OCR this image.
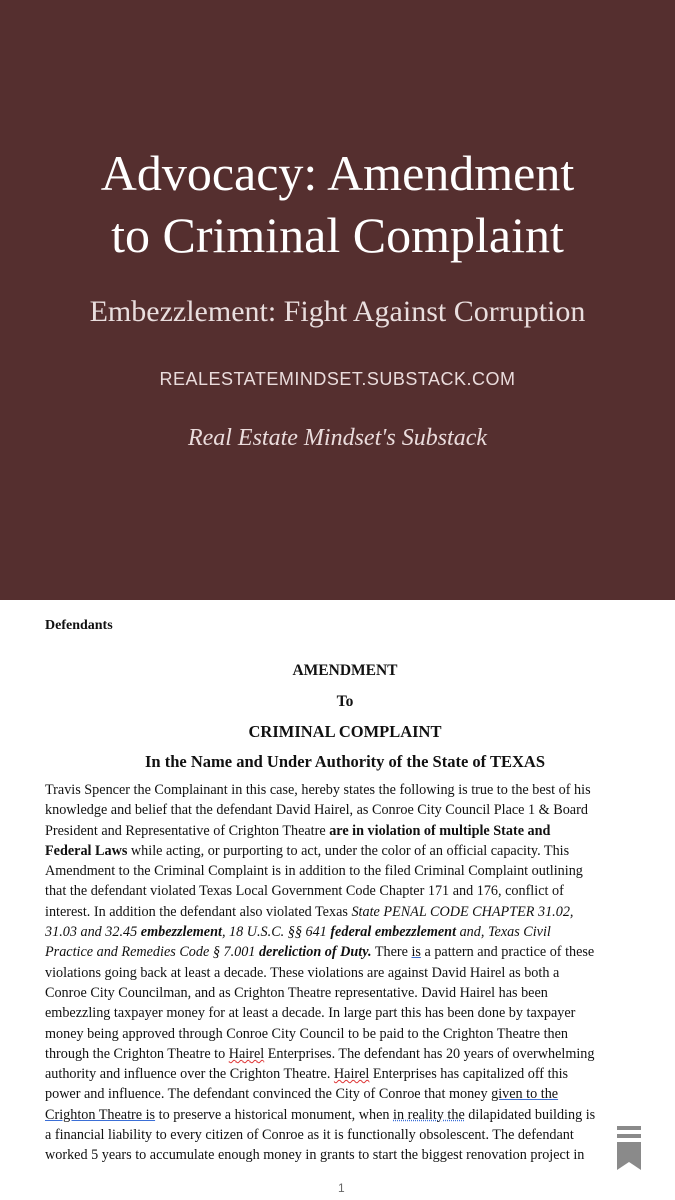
Advocacy: Amendment
to Criminal Complaint
Embezzlement: Fight Against Corruption
REALESTATEMINDSET.SUBSTACK.COM
Real Estate Mindset's Substack
Defendants
AMENDMENT
To
CRIMINAL COMPLAINT
In the Name and Under Authority of the State of TEXAS
Travis Spencer the Complainant in this case, hereby states the following is true to the best of his
knowledge and belief that the defendant David Hairel, as Conroe City Council Place 1 & Board
President and Representative of Crighton Theatre are in violation of multiple State and
Federal Laws while acting, or purporting to act, under the color of an official capacity. This
Amendment to the Criminal Complaint is in addition to the filed Criminal Complaint outlining
that the defendant violated Texas Local Government Code Chapter 171 and 176, conflict of
interest. In addition the defendant also violated Texas State PENAL CODE CHAPTER 31.02,
31.03 and 32.45 embezzlement, 18 U.S.C. §§ 641 federal embezzlement and, Texas Civil
Practice and Remedies Code § 7.001 dereliction of Duty. There is a pattern and practice of these
violations going back at least a decade. These violations are against David Hairel as both a
Conroe City Councilman, and as Crighton Theatre representative. David Hairel has been
embezzling taxpayer money for at least a decade. In large part this has been done by taxpayer
money being approved through Conroe City Council to be paid to the Crighton Theatre then
through the Crighton Theatre to Hairel Enterprises. The defendant has 20 years of overwhelming
authority and influence over the Crighton Theatre. Hairel Enterprises has capitalized off this
power and influence. The defendant convinced the City of Conroe that money given to the
Crighton Theatre is to preserve a historical monument, when in reality the dilapidated building is
a financial liability to every citizen of Conroe as it is functionally obsolescent. The defendant
worked 5 years to accumulate enough money in grants to start the biggest renovation project in
1
